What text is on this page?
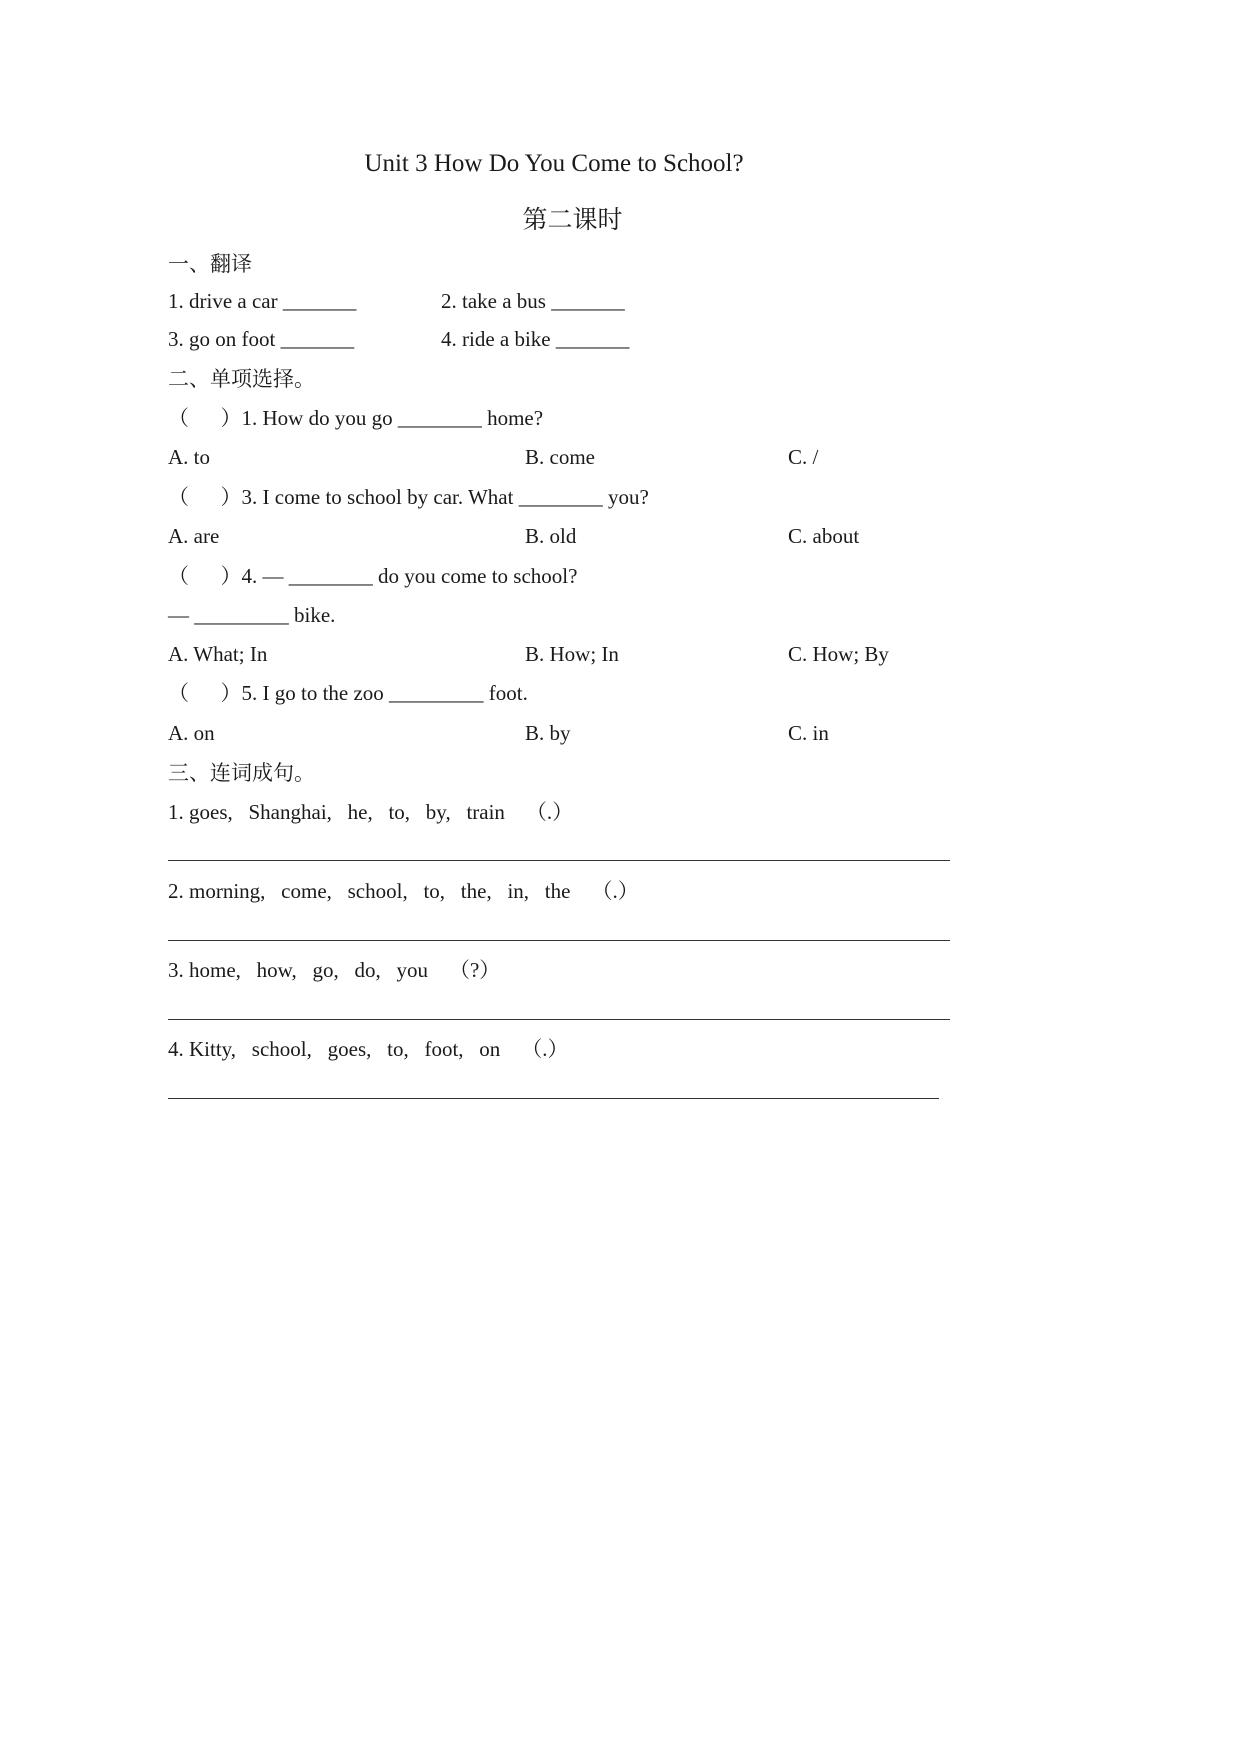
Unit 3 How Do You Come to School?
第二课时
一、翻译
1. drive a car _______	2. take a bus _______
3. go on foot _______	4. ride a bike _______
二、单项选择。
（      ）1. How do you go ________ home?
A. to	B. come	C. /
（      ）3. I come to school by car. What ________ you?
A. are	B. old	C. about
（      ）4. — ________ do you come to school?
— _________ bike.
A. What; In	B. How; In	C. How; By
（      ）5. I go to the zoo _________ foot.
A. on	B. by	C. in
三、连词成句。
1. goes,   Shanghai,   he,   to,   by,   train    （.）
2. morning,   come,   school,   to,   the,   in,   the    （.）
3. home,   how,   go,   do,   you    （?）
4. Kitty,   school,   goes,   to,   foot,   on    （.）
